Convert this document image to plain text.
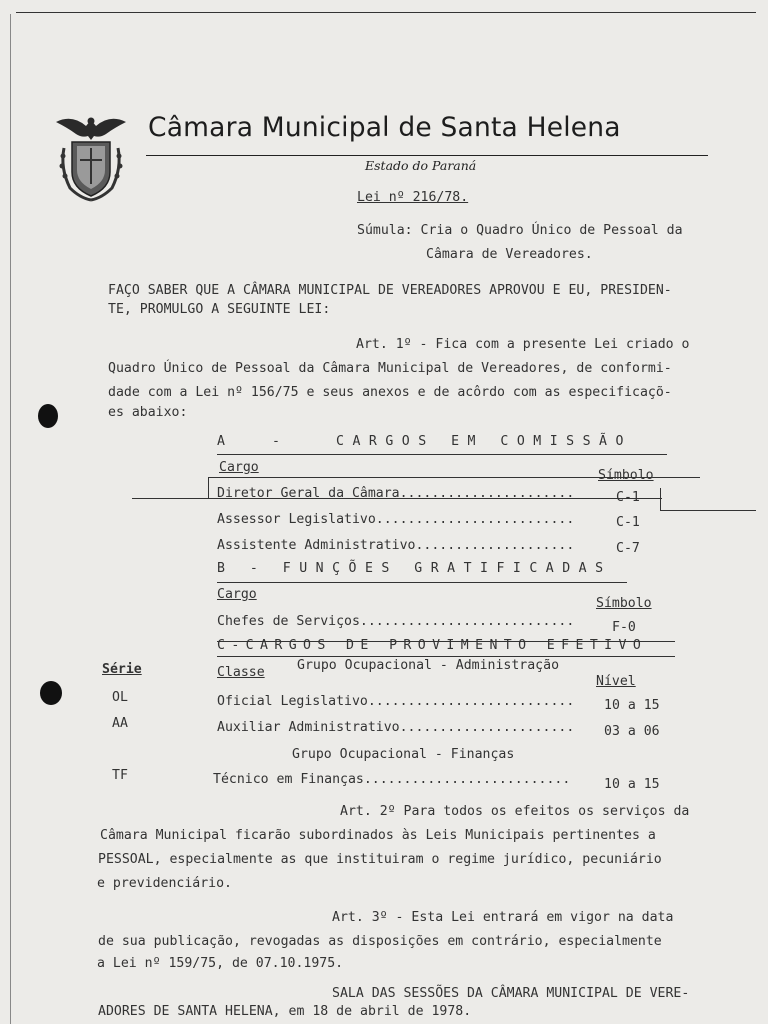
Câmara Municipal de Santa Helena
Estado do Paraná
Lei nº 216/78.
Súmula: Cria o Quadro Único de Pessoal da
Câmara de Vereadores.
FAÇO SABER QUE A CÂMARA MUNICIPAL DE VEREADORES APROVOU E EU, PRESIDEN-
TE, PROMULGO A SEGUINTE LEI:
Art. 1º - Fica com a presente Lei criado o
Quadro Único de Pessoal da Câmara Municipal de Vereadores, de conformi-
dade com a Lei nº 156/75 e seus anexos e de acôrdo com as especificaçõ-
es abaixo:
A	-	CARGOS EM COMISSÃO
Cargo
Símbolo
Diretor Geral da Câmara......................	C-1
Assessor Legislativo.........................	C-1
Assistente Administrativo....................	C-7
B - FUNÇÕES GRATIFICADAS
Cargo
Símbolo
Chefes de Serviços...........................	F-0
C-CARGOS DE PROVIMENTO EFETIVO
Grupo Ocupacional - Administração
Série	Classe
Nível
OL	Oficial Legislativo.......................... 10 a 15
AA	Auxiliar Administrativo...................... 03 a 06
Grupo Ocupacional - Finanças
TF	Técnico em Finanças..........................	10 a 15
Art. 2º Para todos os efeitos os serviços da
Câmara Municipal ficarão subordinados às Leis Municipais pertinentes a
PESSOAL, especialmente as que instituiram o regime jurídico, pecuniário
e previdenciário.
Art. 3º - Esta Lei entrará em vigor na data
de sua publicação, revogadas as disposições em contrário, especialmente
a Lei nº 159/75, de 07.10.1975.
SALA DAS SESSÕES DA CÂMARA MUNICIPAL DE VERE-
ADORES DE SANTA HELENA, em 18 de abril de 1978.
